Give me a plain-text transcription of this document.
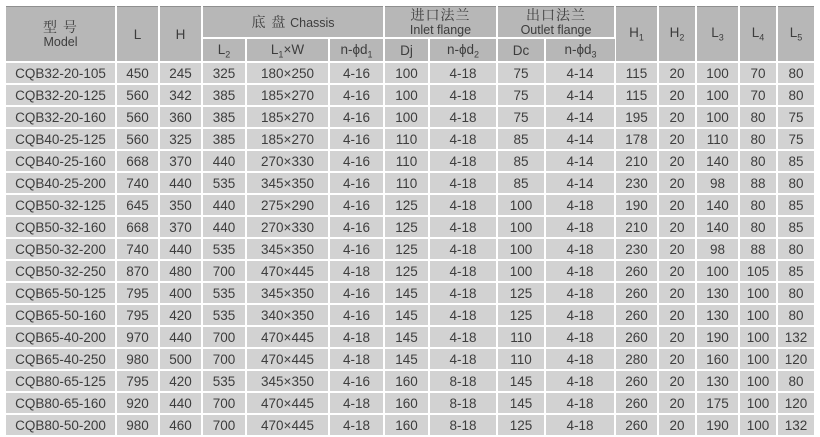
型 号
Model
	L	H	底 盘 Chassis	
进口法兰
Inlet flange

出口法兰
Outlet flange	$H_1$	$H_2$	$L_3$	$L_4$	$L_5$
			$L_2$	$L_1\times W$	$n-\phi d_1$	Dj	$n-\phi d_2$	Dc	$n-\phi d_3$
CQB32-20-105	450	245	325	180×250	4-16	100	4-18	75	4-14	115	20	100	70	80
CQB32-20-125	560	342	385	185×270	4-16	100	4-18	75	4-14	115	20	100	70	80
CQB32-20-160	560	360	385	185×270	4-16	100	4-18	75	4-14	195	20	100	80	75
CQB40-25-125	560	325	385	185×270	4-16	110	4-18	85	4-14	178	20	110	80	75
CQB40-25-160	668	370	440	270×330	4-16	110	4-18	85	4-14	210	20	140	80	85
CQB40-25-200	740	440	535	345×350	4-16	110	4-18	85	4-14	230	20	98	88	80
CQB50-32-125	645	350	440	275×290	4-16	125	4-18	100	4-18	190	20	140	80	85
CQB50-32-160	668	370	440	270×330	4-16	125	4-18	100	4-18	210	20	140	80	85
CQB50-32-200	740	440	535	345×350	4-16	125	4-18	100	4-18	230	20	98	88	80
CQB50-32-250	870	480	700	470×445	4-18	125	4-18	100	4-18	260	20	100	105	85
CQB65-50-125	795	400	535	345×350	4-16	145	4-18	125	4-18	260	20	130	100	80
CQB65-50-160	795	420	535	340×350	4-16	145	4-18	125	4-18	260	20	130	100	80
CQB65-40-200	970	440	700	470×445	4-18	145	4-18	110	4-18	260	20	190	100	132
CQB65-40-250	980	500	700	470×445	4-18	145	4-18	110	4-18	280	20	160	100	120
CQB80-65-125	795	420	535	345×350	4-16	160	8-18	145	4-18	260	20	130	100	80
CQB80-65-160	920	440	700	470×445	4-18	160	8-18	145	4-18	260	20	175	100	120
CQB80-50-200	980	460	700	470×445	4-18	160	8-18	125	4-18	260	20	190	100	132
